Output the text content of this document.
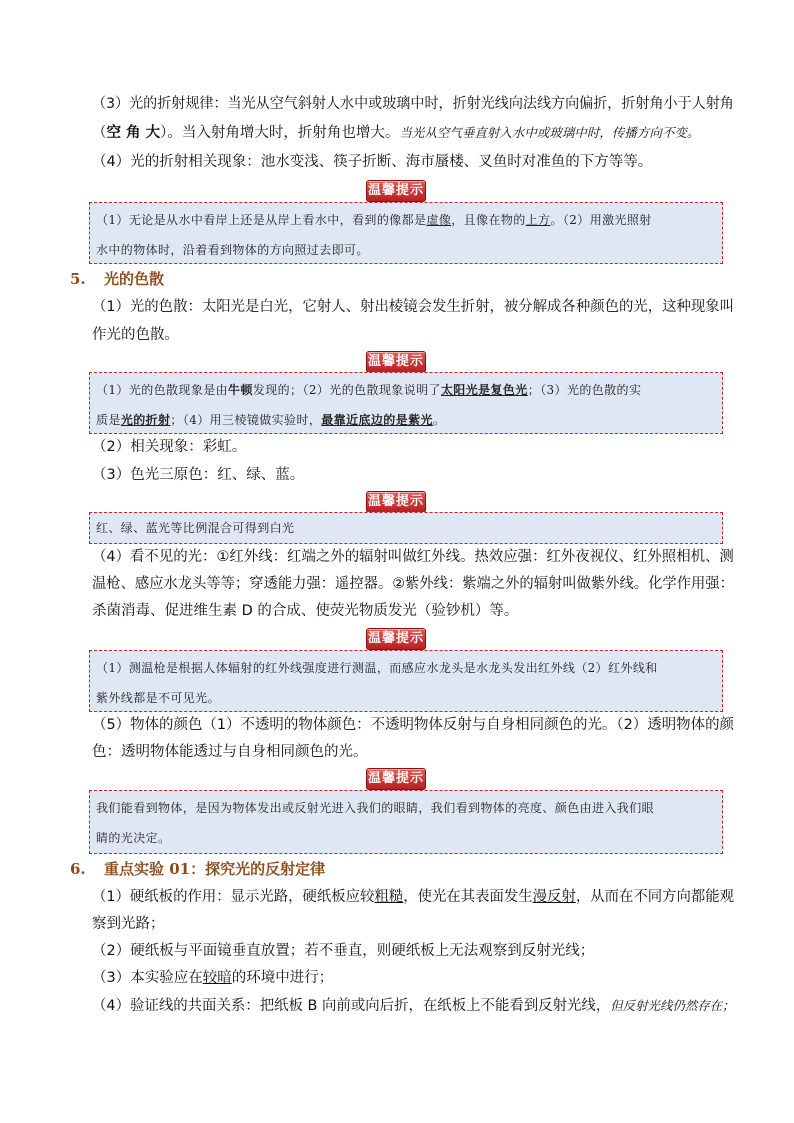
（3）光的折射规律：当光从空气斜射人水中或玻璃中时，折射光线向法线方向偏折，折射角小于人射角
（空 角 大）。当入射角增大时，折射角也增大。当光从空气垂直射入水中或玻璃中时，传播方向不变。
（4）光的折射相关现象：池水变浅、筷子折断、海市蜃楼、叉鱼时对准鱼的下方等等。
温馨提示
（1）无论是从水中看岸上还是从岸上看水中，看到的像都是虚像，且像在物的上方。（2）用激光照射
水中的物体时，沿着看到物体的方向照过去即可。
5. 光的色散
（1）光的色散：太阳光是白光，它射人、射出棱镜会发生折射，被分解成各种颜色的光，这种现象叫
作光的色散。
温馨提示
（1）光的色散现象是由牛顿发现的；（2）光的色散现象说明了太阳光是复色光；（3）光的色散的实
质是光的折射；（4）用三棱镜做实验时，最靠近底边的是紫光。
（2）相关现象：彩虹。
（3）色光三原色：红、绿、蓝。
温馨提示
红、绿、蓝光等比例混合可得到白光
（4）看不见的光：①红外线：红端之外的辐射叫做红外线。热效应强：红外夜视仪、红外照相机、测
温枪、感应水龙头等等；穿透能力强：遥控器。②紫外线：紫端之外的辐射叫做紫外线。化学作用强：
杀菌消毒、促进维生素 D 的合成、使荧光物质发光（验钞机）等。
温馨提示
（1）测温枪是根据人体辐射的红外线强度进行测温，而感应水龙头是水龙头发出红外线（2）红外线和
紫外线都是不可见光。
（5）物体的颜色（1）不透明的物体颜色：不透明物体反射与自身相同颜色的光。（2）透明物体的颜
色：透明物体能透过与自身相同颜色的光。
温馨提示
我们能看到物体，是因为物体发出或反射光进入我们的眼睛，我们看到物体的亮度、颜色由进入我们眼
睛的光决定。
6. 重点实验 01：探究光的反射定律
（1）硬纸板的作用：显示光路，硬纸板应较粗糙，使光在其表面发生漫反射，从而在不同方向都能观
察到光路；
（2）硬纸板与平面镜垂直放置；若不垂直，则硬纸板上无法观察到反射光线；
（3）本实验应在较暗的环境中进行；
（4）验证线的共面关系：把纸板 B 向前或向后折，在纸板上不能看到反射光线，但反射光线仍然存在；
